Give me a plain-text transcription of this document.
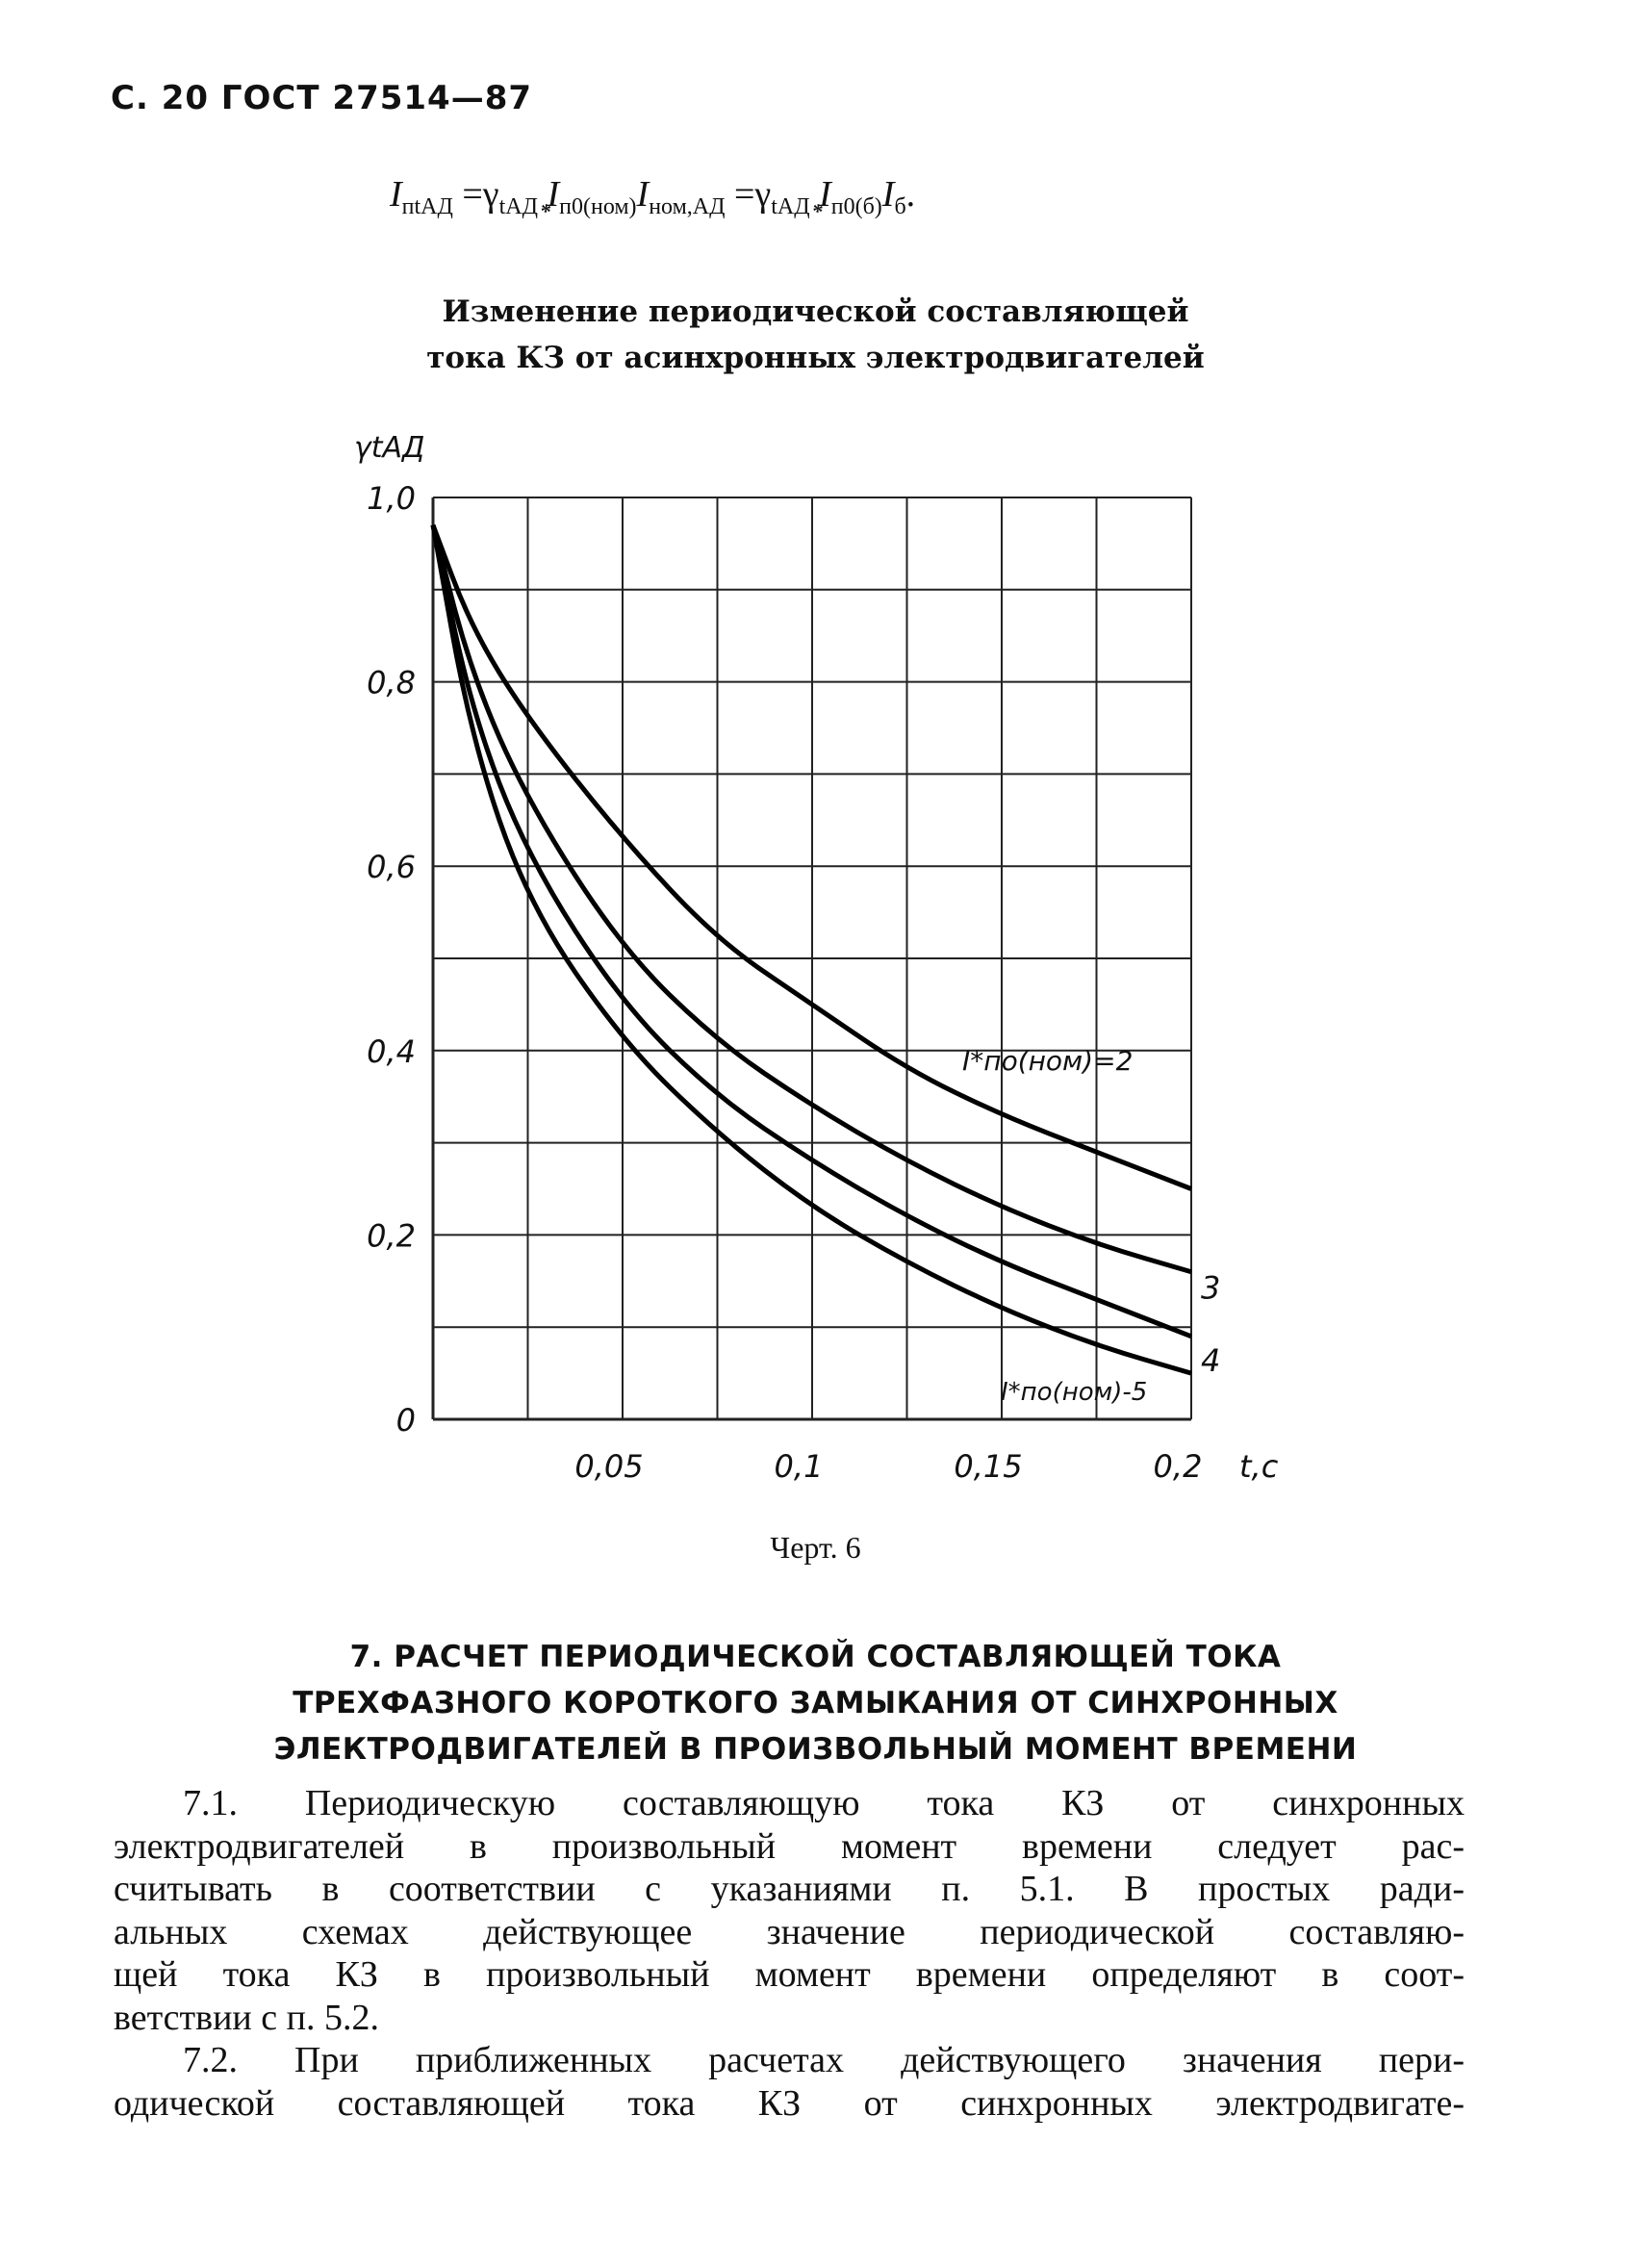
С. 20 ГОСТ 27514—87
$I_{пtАД} =\gamma_{tАД}$ I $*_{п0(ном)}I_{ном,АД} =\gamma_{tАД}$ I $*_{п0(б)}I_б$.
Изменение периодической составляющей
тока КЗ от асинхронных электродвигателей
0
0,2
0,4
0,6
0,8
1,0
0,05	0,1	0,15	0,2 t,c
γtАД
I*по(ном)=2
3
4
I*по(ном)-5
Черт. 6
7. РАСЧЕТ ПЕРИОДИЧЕСКОЙ СОСТАВЛЯЮЩЕЙ ТОКА
ТРЕХФАЗНОГО КОРОТКОГО ЗАМЫКАНИЯ ОТ СИНХРОННЫХ
ЭЛЕКТРОДВИГАТЕЛЕЙ В ПРОИЗВОЛЬНЫЙ МОМЕНТ ВРЕМЕНИ
7.1. Периодическую составляющую тока КЗ от синхронных
электродвигателей в произвольный момент времени следует рас-
считывать в соответствии с указаниями п. 5.1. В простых ради-
альных схемах действующее значение периодической составляю-
щей тока КЗ в произвольный момент времени определяют в соот-
ветствии с п. 5.2.
7.2. При приближенных расчетах действующего значения пери-
одической составляющей тока КЗ от синхронных электродвигате-
